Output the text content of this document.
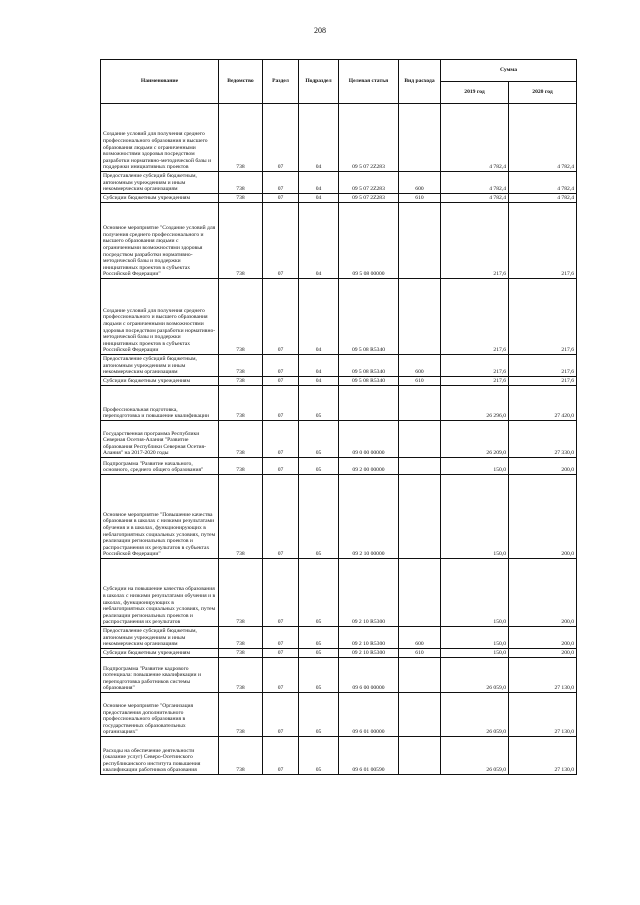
208
Наименование	Ведомство	Раздел	Подраздел	Целевая статья	Вид расхода	Сумма	
						2019 год	2020 год
Создание условий для получения среднего профессионального образования и высшего образования людьми с ограниченными возможностями здоровья посредством разработки нормативно-методической базы и поддержки инициативных проектов	738	07	04	09 5 07 2Z283		4 782,4	4 782,4
Предоставление субсидий бюджетным, автономным учреждениям и иным некоммерческим организациям	738	07	04	09 5 07 2Z283	600	4 782,4	4 782,4
Субсидии бюджетным учреждениям	738	07	04	09 5 07 2Z283	610	4 782,4	4 782,4
Основное мероприятие "Создание условий для получения среднего профессионального и высшего образования людьми с ограниченными возможностями здоровья посредством разработки нормативно-методической базы и поддержки инициативных проектов в субъектах Российской Федерации"	738	07	04	09 5 08 00000		217,6	217,6
Создание условий для получения среднего профессионального и высшего образования людьми с ограниченными возможностями здоровья посредством разработки нормативно-методической базы и поддержки инициативных проектов в субъектах Российской Федерации	738	07	04	09 5 08 R5340		217,6	217,6
Предоставление субсидий бюджетным, автономным учреждениям и иным некоммерческим организациям	738	07	04	09 5 08 R5340	600	217,6	217,6
Субсидии бюджетным учреждениям	738	07	04	09 5 08 R5340	610	217,6	217,6
Профессиональная подготовка, переподготовка и повышение квалификации	738	07	05			26 296,0	27 420,0
Государственная программа Республики Северная Осетия-Алания "Развитие образования Республики Северная Осетия-Алания" на 2017-2020 годы	738	07	05	09 0 00 00000		26 209,0	27 330,0
Подпрограмма "Развитие начального, основного, среднего общего образования"	738	07	05	09 2 00 00000		150,0	200,0
Основное мероприятие "Повышение качества образования в школах с низкими результатами обучения и в школах, функционирующих в неблагоприятных социальных условиях, путем реализации региональных проектов и распространения их результатов в субъектах Российской Федерации"	738	07	05	09 2 10 00000		150,0	200,0
Субсидии на повышение качества образования в школах с низкими результатами обучения и в школах, функционирующих в неблагоприятных социальных условиях, путем реализации региональных проектов и распространения их результатов	738	07	05	09 2 10 R5300		150,0	200,0
Предоставление субсидий бюджетным, автономным учреждениям и иным некоммерческим организациям	738	07	05	09 2 10 R5300	600	150,0	200,0
Субсидии бюджетным учреждениям	738	07	05	09 2 10 R5300	610	150,0	200,0
Подпрограмма "Развитие кадрового потенциала: повышение квалификации и переподготовка работников системы образования"	738	07	05	09 6 00 00000		26 059,0	27 130,0
Основное мероприятие "Организация предоставления дополнительного профессионального образования в государственных образовательных организациях"	738	07	05	09 6 01 00000		26 059,0	27 130,0
Расходы на обеспечение деятельности (оказание услуг) Северо-Осетинского республиканского института повышения квалификации работников образования	738	07	05	09 6 01 00590		26 059,0	27 130,0
